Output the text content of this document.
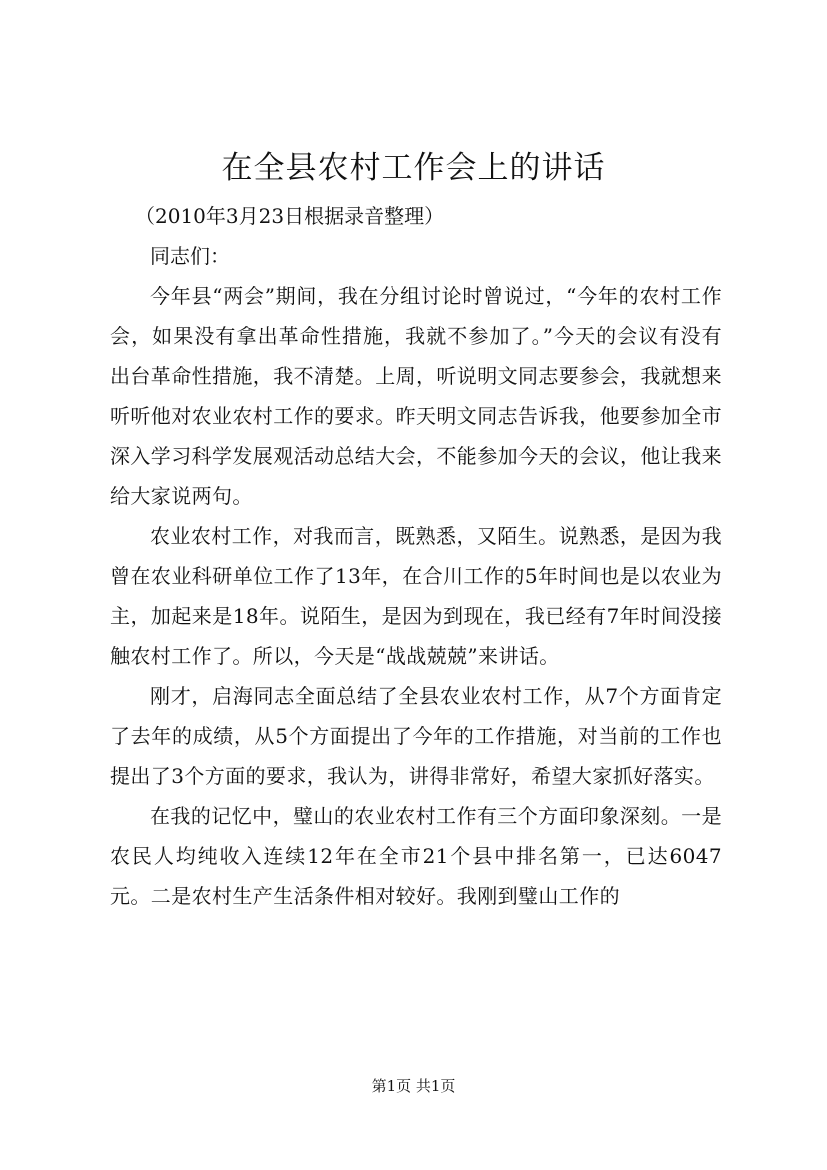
在全县农村工作会上的讲话

（2010年3月23日根据录音整理）

同志们：

今年县“两会”期间，我在分组讨论时曾说过，“今年的农村工作会，如果没有拿出革命性措施，我就不参加了。”今天的会议有没有出台革命性措施，我不清楚。上周，听说明文同志要参会，我就想来听听他对农业农村工作的要求。昨天明文同志告诉我，他要参加全市深入学习科学发展观活动总结大会，不能参加今天的会议，他让我来给大家说两句。

农业农村工作，对我而言，既熟悉，又陌生。说熟悉，是因为我曾在农业科研单位工作了13年，在合川工作的5年时间也是以农业为主，加起来是18年。说陌生，是因为到现在，我已经有7年时间没接触农村工作了。所以，今天是“战战兢兢”来讲话。

刚才，启海同志全面总结了全县农业农村工作，从7个方面肯定了去年的成绩，从5个方面提出了今年的工作措施，对当前的工作也提出了3个方面的要求，我认为，讲得非常好，希望大家抓好落实。

在我的记忆中，璧山的农业农村工作有三个方面印象深刻。一是农民人均纯收入连续12年在全市21个县中排名第一，已达6047元。二是农村生产生活条件相对较好。我刚到璧山工作的

第1页 共1页
